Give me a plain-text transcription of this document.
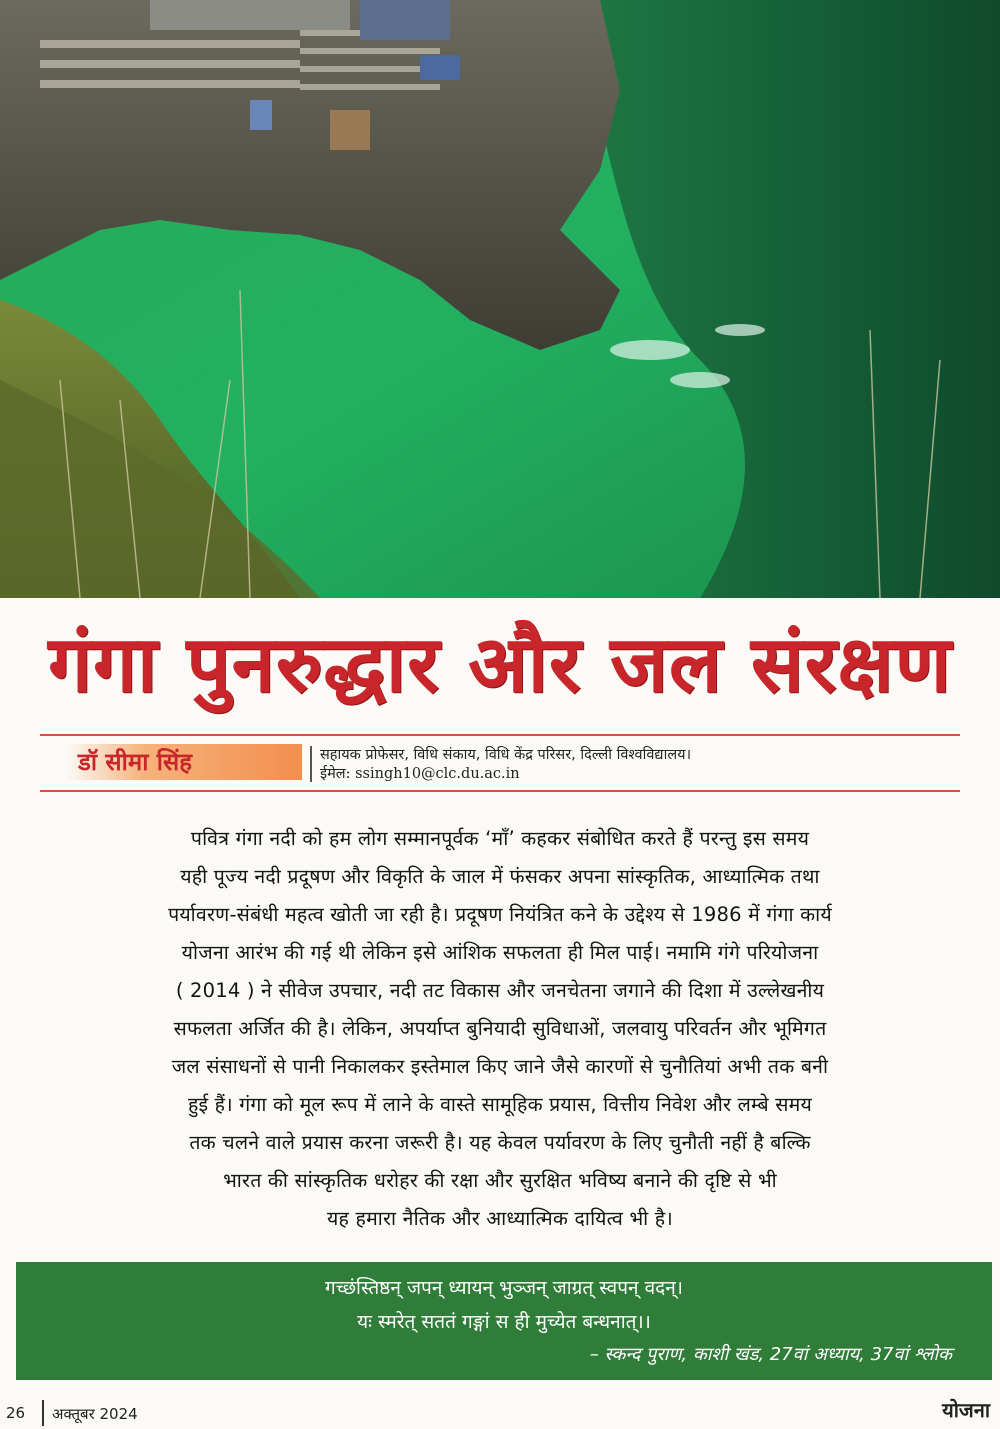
गंगा पुनरुद्धार और जल संरक्षण
डॉ सीमा सिंह	सहायक प्रोफेसर, विधि संकाय, विधि केंद्र परिसर, दिल्ली विश्वविद्यालय।
ईमेल: ssingh10@clc.du.ac.in
पवित्र गंगा नदी को हम लोग सम्मानपूर्वक ‘माँ’ कहकर संबोधित करते हैं परन्तु इस समय
यही पूज्य नदी प्रदूषण और विकृति के जाल में फंसकर अपना सांस्कृतिक, आध्यात्मिक तथा
पर्यावरण-संबंधी महत्व खोती जा रही है। प्रदूषण नियंत्रित कने के उद्देश्य से 1986 में गंगा कार्य
योजना आरंभ की गई थी लेकिन इसे आंशिक सफलता ही मिल पाई। नमामि गंगे परियोजना
( 2014 ) ने सीवेज उपचार, नदी तट विकास और जनचेतना जगाने की दिशा में उल्लेखनीय
सफलता अर्जित की है। लेकिन, अपर्याप्त बुनियादी सुविधाओं, जलवायु परिवर्तन और भूमिगत
जल संसाधनों से पानी निकालकर इस्तेमाल किए जाने जैसे कारणों से चुनौतियां अभी तक बनी
हुई हैं। गंगा को मूल रूप में लाने के वास्ते सामूहिक प्रयास, वित्तीय निवेश और लम्बे समय
तक चलने वाले प्रयास करना जरूरी है। यह केवल पर्यावरण के लिए चुनौती नहीं है बल्कि
भारत की सांस्कृतिक धरोहर की रक्षा और सुरक्षित भविष्य बनाने की दृष्टि से भी
यह हमारा नैतिक और आध्यात्मिक दायित्व भी है।
गच्छंस्तिष्ठन् जपन् ध्यायन् भुञ्जन् जाग्रत् स्वपन् वदन्।
यः स्मरेत् सततं गङ्गां स ही मुच्येत बन्धनात्।।
– स्कन्द पुराण, काशी खंड, 27वां अध्याय, 37वां श्लोक
26 अक्तूबर 2024	योजना
